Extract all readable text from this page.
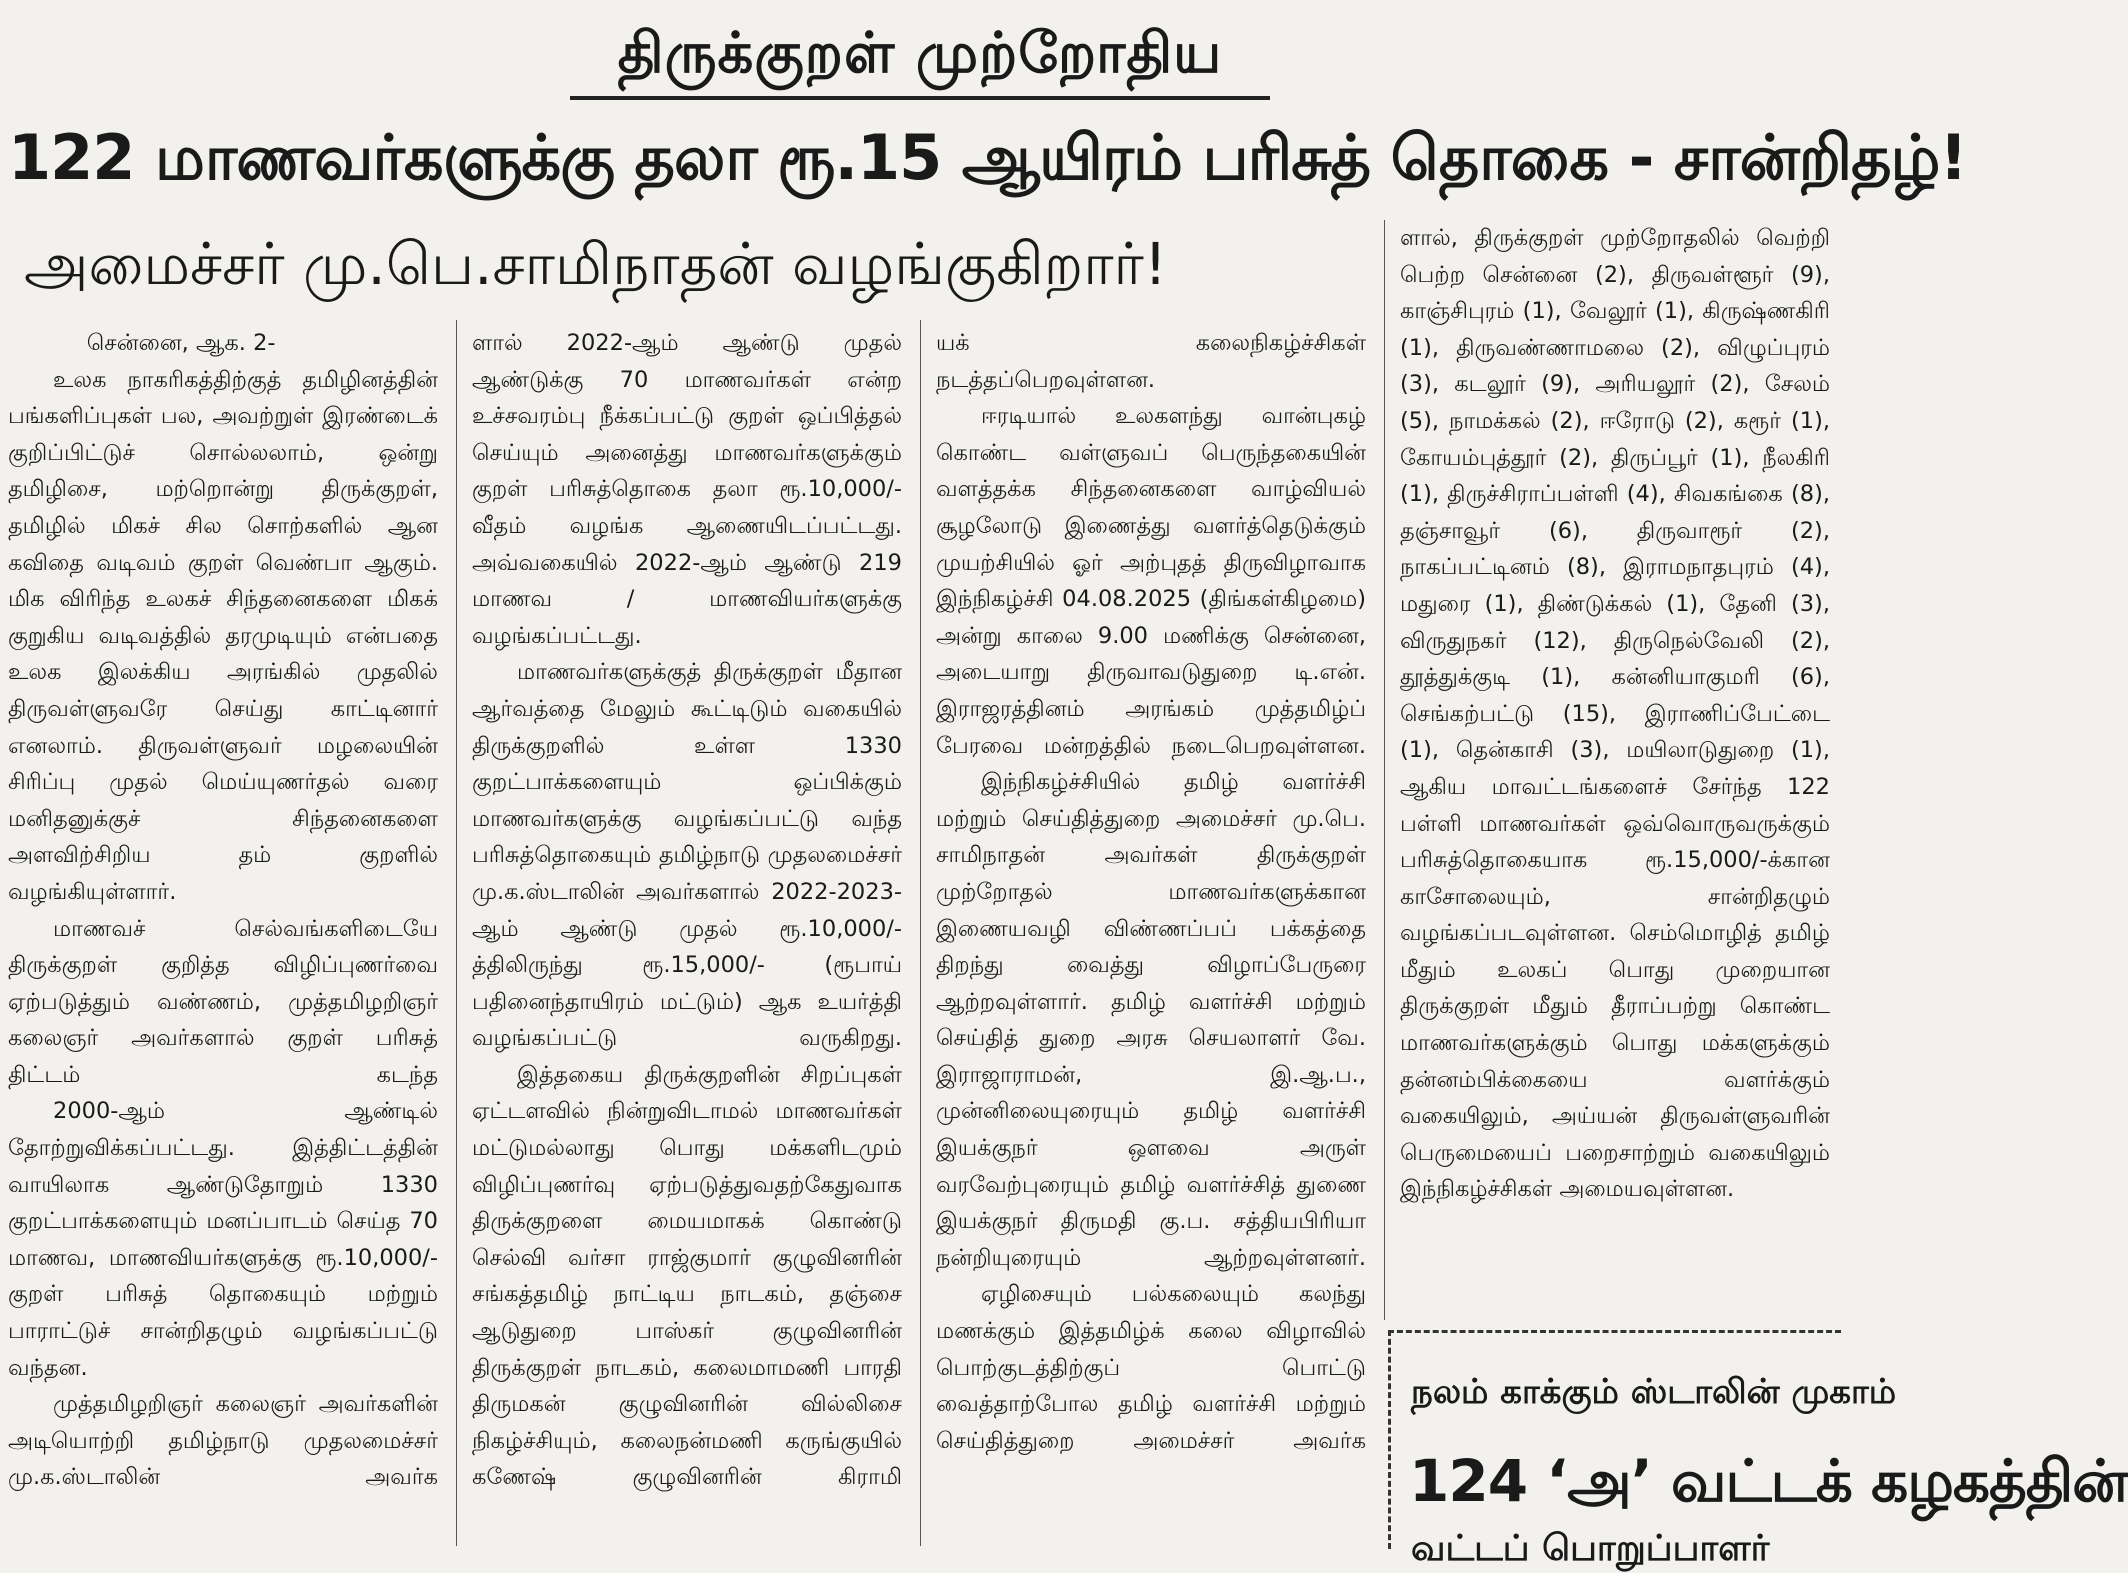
திருக்குறள் முற்றோதிய
122 மாணவர்களுக்கு தலா ரூ.15 ஆயிரம் பரிசுத் தொகை - சான்றிதழ்!
அமைச்சர் மு.பெ.சாமிநாதன் வழங்குகிறார்!

சென்னை, ஆக. 2-

உலக நாகரிகத்திற்குத் தமிழினத்தின் பங்களிப்புகள் பல, அவற்றுள் இரண்டைக் குறிப்பிட்டுச் சொல்லலாம், ஒன்று தமிழிசை, மற்றொன்று திருக்குறள், தமிழில் மிகச் சில சொற்களில் ஆன கவிதை வடிவம் குறள் வெண்பா ஆகும். மிக விரிந்த உலகச் சிந்தனைகளை மிகக் குறுகிய வடிவத்தில் தரமுடியும் என்பதை உலக இலக்கிய அரங்கில் முதலில் திருவள்ளுவரே செய்து காட்டினார் எனலாம். திருவள்ளுவர் மழலையின் சிரிப்பு முதல் மெய்யுணர்தல் வரை மனிதனுக்குச் சிந்தனைகளை அளவிற்சிறிய தம் குறளில் வழங்கியுள்ளார்.

மாணவச் செல்வங்களிடையே திருக்குறள் குறித்த விழிப்புணர்வை ஏற்படுத்தும் வண்ணம், முத்தமிழறிஞர் கலைஞர் அவர்களால் குறள் பரிசுத் திட்டம் கடந்த

2000-ஆம் ஆண்டில் தோற்றுவிக்கப்பட்டது. இத்திட்டத்தின் வாயிலாக ஆண்டுதோறும் 1330 குறட்பாக்களையும் மனப்பாடம் செய்த 70 மாணவ, மாணவியர்களுக்கு ரூ.10,000/- குறள் பரிசுத் தொகையும் மற்றும் பாராட்டுச் சான்றிதழும் வழங்கப்பட்டு வந்தன.

முத்தமிழறிஞர் கலைஞர் அவர்களின் அடியொற்றி தமிழ்நாடு முதலமைச்சர் மு.க.ஸ்டாலின் அவர்க

ளால் 2022-ஆம் ஆண்டு முதல் ஆண்டுக்கு 70 மாணவர்கள் என்ற உச்சவரம்பு நீக்கப்பட்டு குறள் ஒப்பித்தல் செய்யும் அனைத்து மாணவர்களுக்கும் குறள் பரிசுத்தொகை தலா ரூ.10,000/- வீதம் வழங்க ஆணையிடப்பட்டது. அவ்வகையில் 2022-ஆம் ஆண்டு 219 மாணவ / மாணவியர்களுக்கு வழங்கப்பட்டது.

மாணவர்களுக்குத் திருக்குறள் மீதான ஆர்வத்தை மேலும் கூட்டிடும் வகையில் திருக்குறளில் உள்ள 1330 குறட்பாக்களையும் ஒப்பிக்கும் மாணவர்களுக்கு வழங்கப்பட்டு வந்த பரிசுத்தொகையும் தமிழ்நாடு முதலமைச்சர் மு.க.ஸ்டாலின் அவர்களால் 2022-2023-ஆம் ஆண்டு முதல் ரூ.10,000/-த்திலிருந்து ரூ.15,000/- (ரூபாய் பதினைந்தாயிரம் மட்டும்) ஆக உயர்த்தி வழங்கப்பட்டு வருகிறது.

இத்தகைய திருக்குறளின் சிறப்புகள் ஏட்டளவில் நின்றுவிடாமல் மாணவர்கள் மட்டுமல்லாது பொது மக்களிடமும் விழிப்புணர்வு ஏற்படுத்துவதற்கேதுவாக திருக்குறளை மையமாகக் கொண்டு செல்வி வர்சா ராஜ்குமார் குழுவினரின் சங்கத்தமிழ் நாட்டிய நாடகம், தஞ்சை ஆடுதுறை பாஸ்கர் குழுவினரின் திருக்குறள் நாடகம், கலைமாமணி பாரதி திருமகன் குழுவினரின் வில்லிசை நிகழ்ச்சியும், கலைநன்மணி கருங்குயில் கணேஷ் குழுவினரின் கிராமி

யக் கலைநிகழ்ச்சிகள் நடத்தப்பெறவுள்ளன.

ஈரடியால் உலகளந்து வான்புகழ் கொண்ட வள்ளுவப் பெருந்தகையின் வளத்தக்க சிந்தனைகளை வாழ்வியல் சூழலோடு இணைத்து வளர்த்தெடுக்கும் முயற்சியில் ஓர் அற்புதத் திருவிழாவாக இந்நிகழ்ச்சி 04.08.2025 (திங்கள்கிழமை) அன்று காலை 9.00 மணிக்கு சென்னை, அடையாறு திருவாவடுதுறை டி.என். இராஜரத்தினம் அரங்கம் முத்தமிழ்ப் பேரவை மன்றத்தில் நடைபெறவுள்ளன.

இந்நிகழ்ச்சியில் தமிழ் வளர்ச்சி மற்றும் செய்தித்துறை அமைச்சர் மு.பெ. சாமிநாதன் அவர்கள் திருக்குறள் முற்றோதல் மாணவர்களுக்கான இணையவழி விண்ணப்பப் பக்கத்தை திறந்து வைத்து விழாப்பேருரை ஆற்றவுள்ளார். தமிழ் வளர்ச்சி மற்றும் செய்தித் துறை அரசு செயலாளர் வே. இராஜாராமன், இ.ஆ.ப., முன்னிலையுரையும் தமிழ் வளர்ச்சி இயக்குநர் ஒளவை அருள் வரவேற்புரையும் தமிழ் வளர்ச்சித் துணை இயக்குநர் திருமதி கு.ப. சத்தியபிரியா நன்றியுரையும் ஆற்றவுள்ளனர்.

ஏழிசையும் பல்கலையும் கலந்து மணக்கும் இத்தமிழ்க் கலை விழாவில் பொற்குடத்திற்குப் பொட்டு வைத்தாற்போல தமிழ் வளர்ச்சி மற்றும் செய்தித்துறை அமைச்சர் அவர்க

ளால், திருக்குறள் முற்றோதலில் வெற்றி பெற்ற சென்னை (2), திருவள்ளூர் (9), காஞ்சிபுரம் (1), வேலூர் (1), கிருஷ்ணகிரி (1), திருவண்ணாமலை (2), விழுப்புரம் (3), கடலூர் (9), அரியலூர் (2), சேலம் (5), நாமக்கல் (2), ஈரோடு (2), கரூர் (1), கோயம்புத்தூர் (2), திருப்பூர் (1), நீலகிரி (1), திருச்சிராப்பள்ளி (4), சிவகங்கை (8), தஞ்சாவூர் (6), திருவாரூர் (2), நாகப்பட்டினம் (8), இராமநாதபுரம் (4), மதுரை (1), திண்டுக்கல் (1), தேனி (3), விருதுநகர் (12), திருநெல்வேலி (2), தூத்துக்குடி (1), கன்னியாகுமரி (6), செங்கற்பட்டு (15), இராணிப்பேட்டை (1), தென்காசி (3), மயிலாடுதுறை (1), ஆகிய மாவட்டங்களைச் சேர்ந்த 122 பள்ளி மாணவர்கள் ஒவ்வொருவருக்கும் பரிசுத்தொகையாக ரூ.15,000/-க்கான காசோலையும், சான்றிதழும் வழங்கப்படவுள்ளன. செம்மொழித் தமிழ் மீதும் உலகப் பொது முறையான திருக்குறள் மீதும் தீராப்பற்று கொண்ட மாணவர்களுக்கும் பொது மக்களுக்கும் தன்னம்பிக்கையை வளர்க்கும் வகையிலும், அய்யன் திருவள்ளுவரின் பெருமையைப் பறைசாற்றும் வகையிலும் இந்நிகழ்ச்சிகள் அமையவுள்ளன.

நலம் காக்கும் ஸ்டாலின் முகாம்
124 ‘அ’ வட்டக் கழகத்தின்
வட்டப் பொறுப்பாளர்
